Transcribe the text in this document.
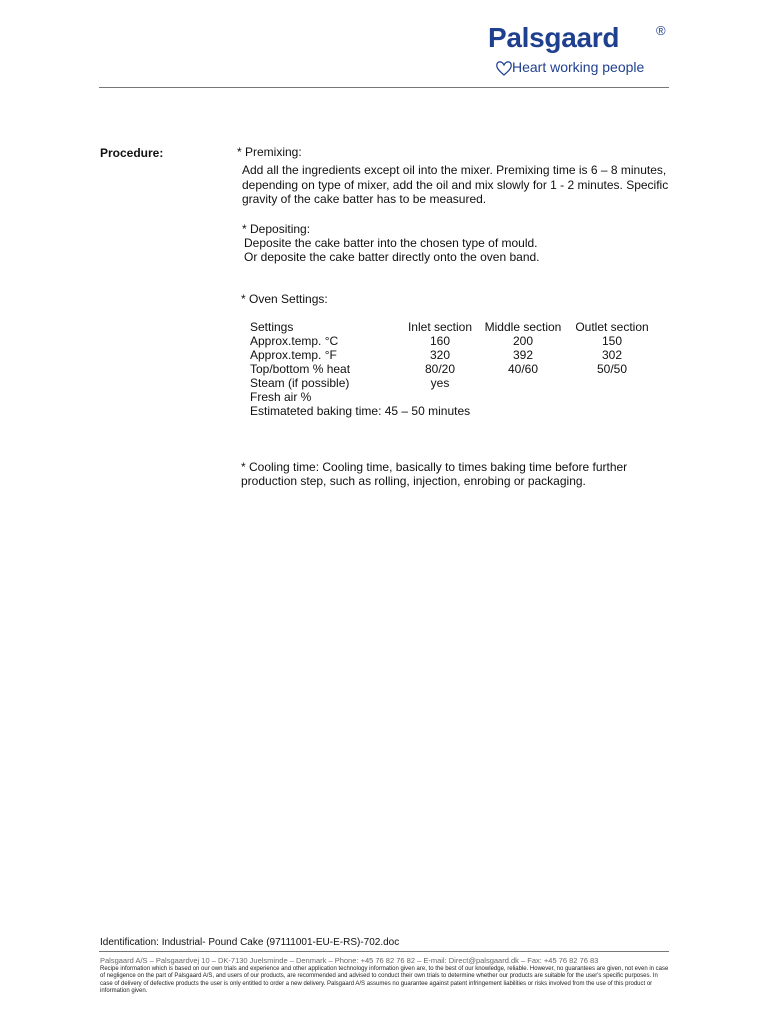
Palsgaard	®
Heart working people
Procedure:	* Premixing:
Add all the ingredients except oil into the mixer. Premixing time is 6 – 8 minutes,
depending on type of mixer, add the oil and mix slowly for 1 - 2 minutes. Specific
gravity of the cake batter has to be measured.
* Depositing:
Deposite the cake batter into the chosen type of mould.
Or deposite the cake batter directly onto the oven band.
* Oven Settings:
Settings	Inlet section	Middle section	Outlet section
Approx.temp. °C	160	200	150
Approx.temp. °F	320	392	302
Top/bottom % heat	80/20	40/60	50/50
Steam (if possible)	yes
Fresh air %
Estimateted baking time: 45 – 50 minutes
* Cooling time: Cooling time, basically to times baking time before further
production step, such as rolling, injection, enrobing or packaging.
Identification: Industrial- Pound Cake (97111001-EU-E-RS)-702.doc
Palsgaard A/S – Palsgaardvej 10 – DK-7130 Juelsminde – Denmark – Phone: +45 76 82 76 82 – E-mail: Direct@palsgaard.dk – Fax: +45 76 82 76 83
Recipe information which is based on our own trials and experience and other application technology information given are, to the best of our knowledge, reliable. However, no guarantees are given, not even in case of negligence on the part of Palsgaard A/S, and users of our products, are recommended and advised to conduct their own trials to determine whether our products are suitable for the user's specific purposes. In case of delivery of defective products the user is only entitled to order a new delivery. Palsgaard A/S assumes no guarantee against patent infringement liabilities or risks involved from the use of this product or information given.
